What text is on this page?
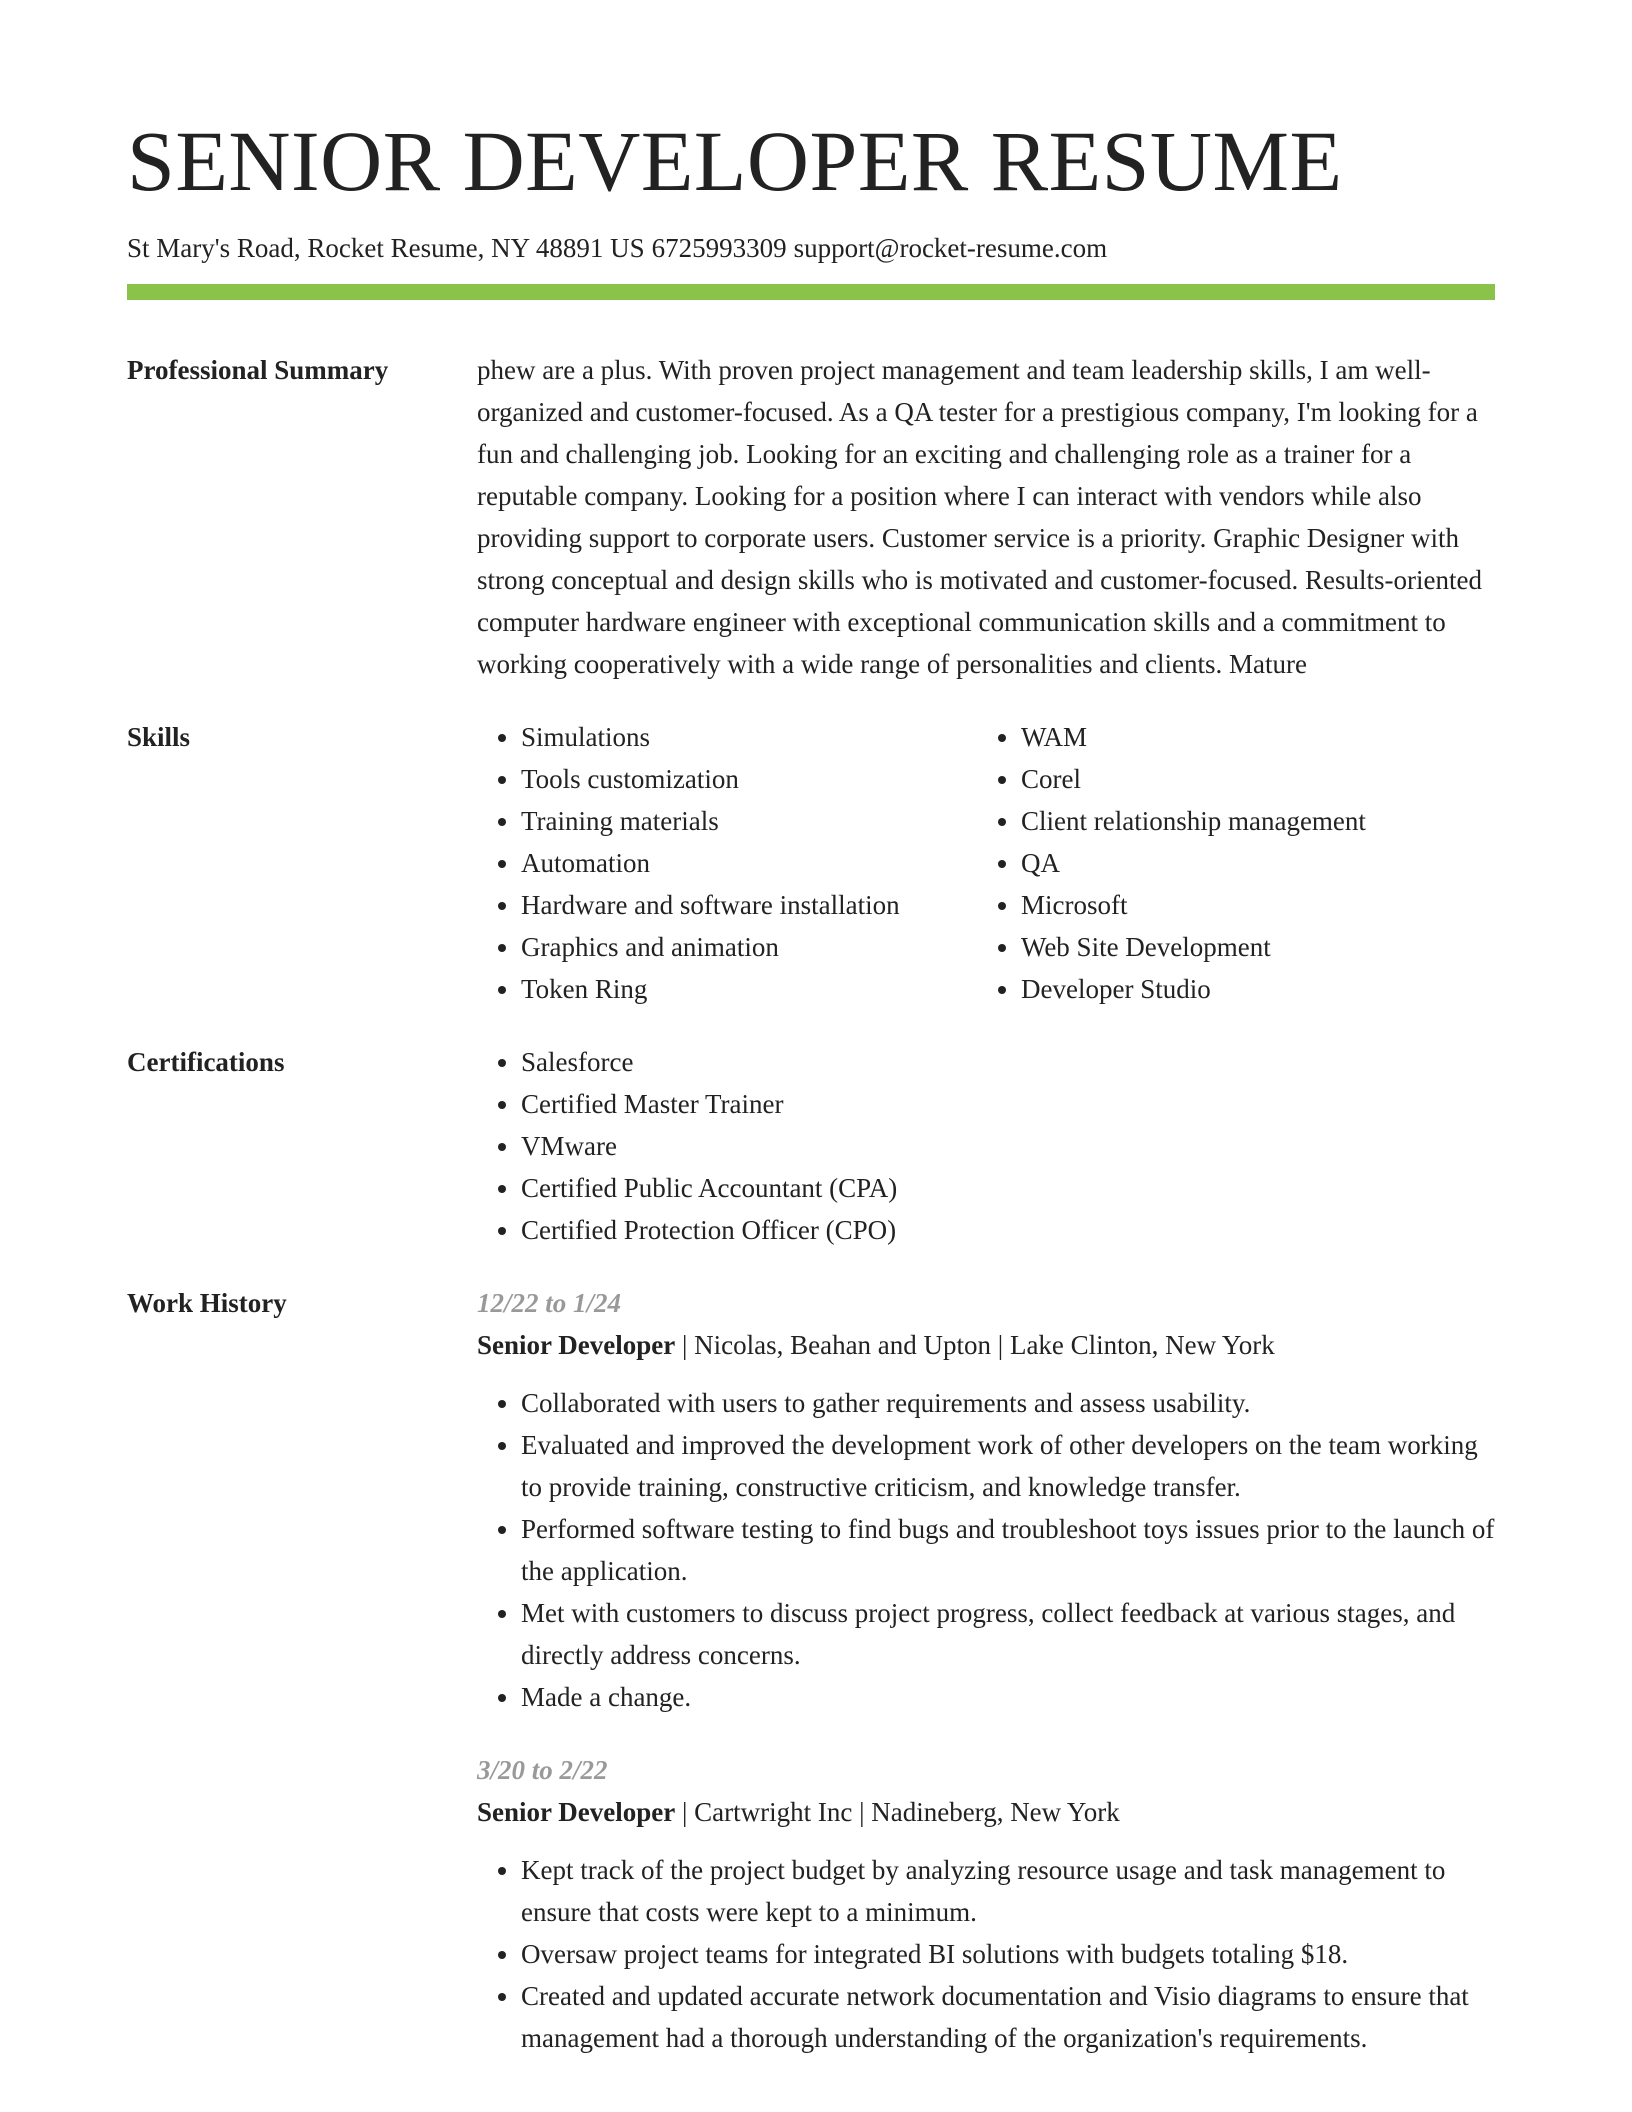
SENIOR DEVELOPER RESUME
St Mary's Road, Rocket Resume, NY 48891 US 6725993309 support@rocket-resume.com
Professional Summary	phew are a plus. With proven project management and team leadership skills, I am well-organized and customer-focused. As a QA tester for a prestigious company, I'm looking for a fun and challenging job. Looking for an exciting and challenging role as a trainer for a reputable company. Looking for a position where I can interact with vendors while also providing support to corporate users. Customer service is a priority. Graphic Designer with strong conceptual and design skills who is motivated and customer-focused. Results-oriented computer hardware engineer with exceptional communication skills and a commitment to working cooperatively with a wide range of personalities and clients. Mature

Skills	• Simulations
• Tools customization
• Training materials
• Automation
• Hardware and software installation
• Graphics and animation
• Token Ring
• WAM
• Corel
• Client relationship management
• QA
• Microsoft
• Web Site Development
• Developer Studio
Certifications	• Salesforce
• Certified Master Trainer
• VMware
• Certified Public Accountant (CPA)
• Certified Protection Officer (CPO)
Work History	12/22 to 1/24
Senior Developer | Nicolas, Beahan and Upton | Lake Clinton, New York
• Collaborated with users to gather requirements and assess usability.
• Evaluated and improved the development work of other developers on the team working to provide training, constructive criticism, and knowledge transfer.
• Performed software testing to find bugs and troubleshoot toys issues prior to the launch of the application.
• Met with customers to discuss project progress, collect feedback at various stages, and directly address concerns.
• Made a change.
3/20 to 2/22
Senior Developer | Cartwright Inc | Nadineberg, New York
• Kept track of the project budget by analyzing resource usage and task management to ensure that costs were kept to a minimum.
• Oversaw project teams for integrated BI solutions with budgets totaling $18.
• Created and updated accurate network documentation and Visio diagrams to ensure that management had a thorough understanding of the organization's requirements.
